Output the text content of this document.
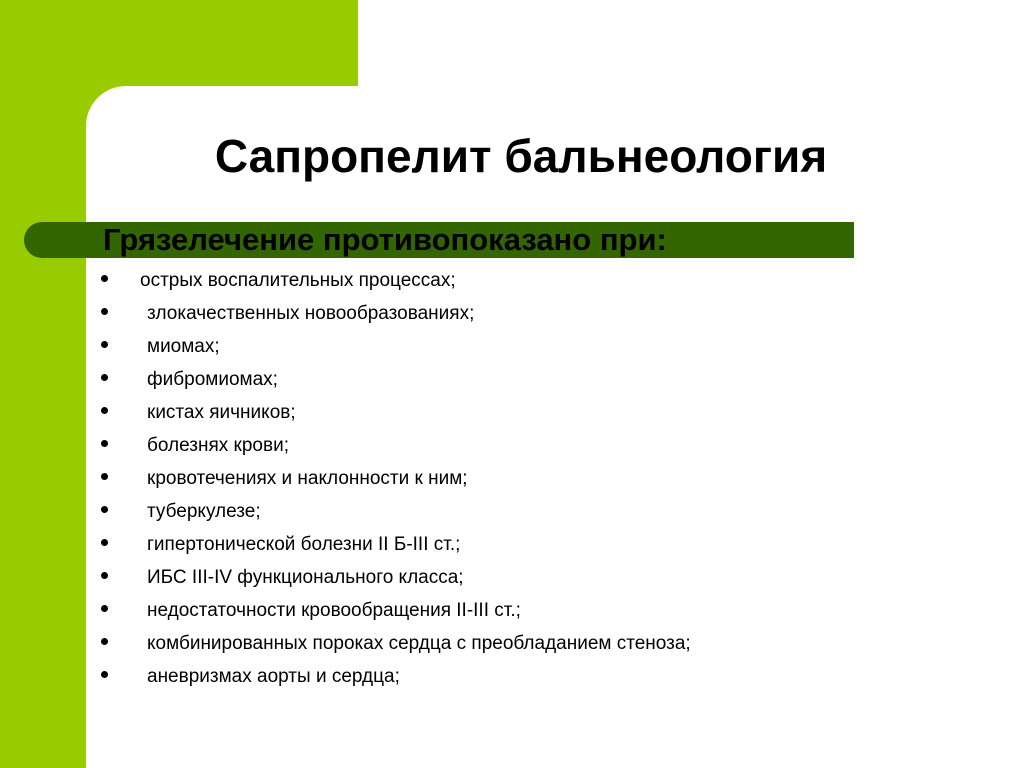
Сапропелит бальнеология
Грязелечение противопоказано при:
острых воспалительных процессах;
злокачественных новообразованиях;
миомах;
фибромиомах;
кистах яичников;
болезнях крови;
кровотечениях и наклонности к ним;
туберкулезе;
гипертонической болезни II Б-III ст.;
ИБС III-IV функционального класса;
недостаточности кровообращения II-III ст.;
комбинированных пороках сердца с преобладанием стеноза;
аневризмах аорты и сердца;
